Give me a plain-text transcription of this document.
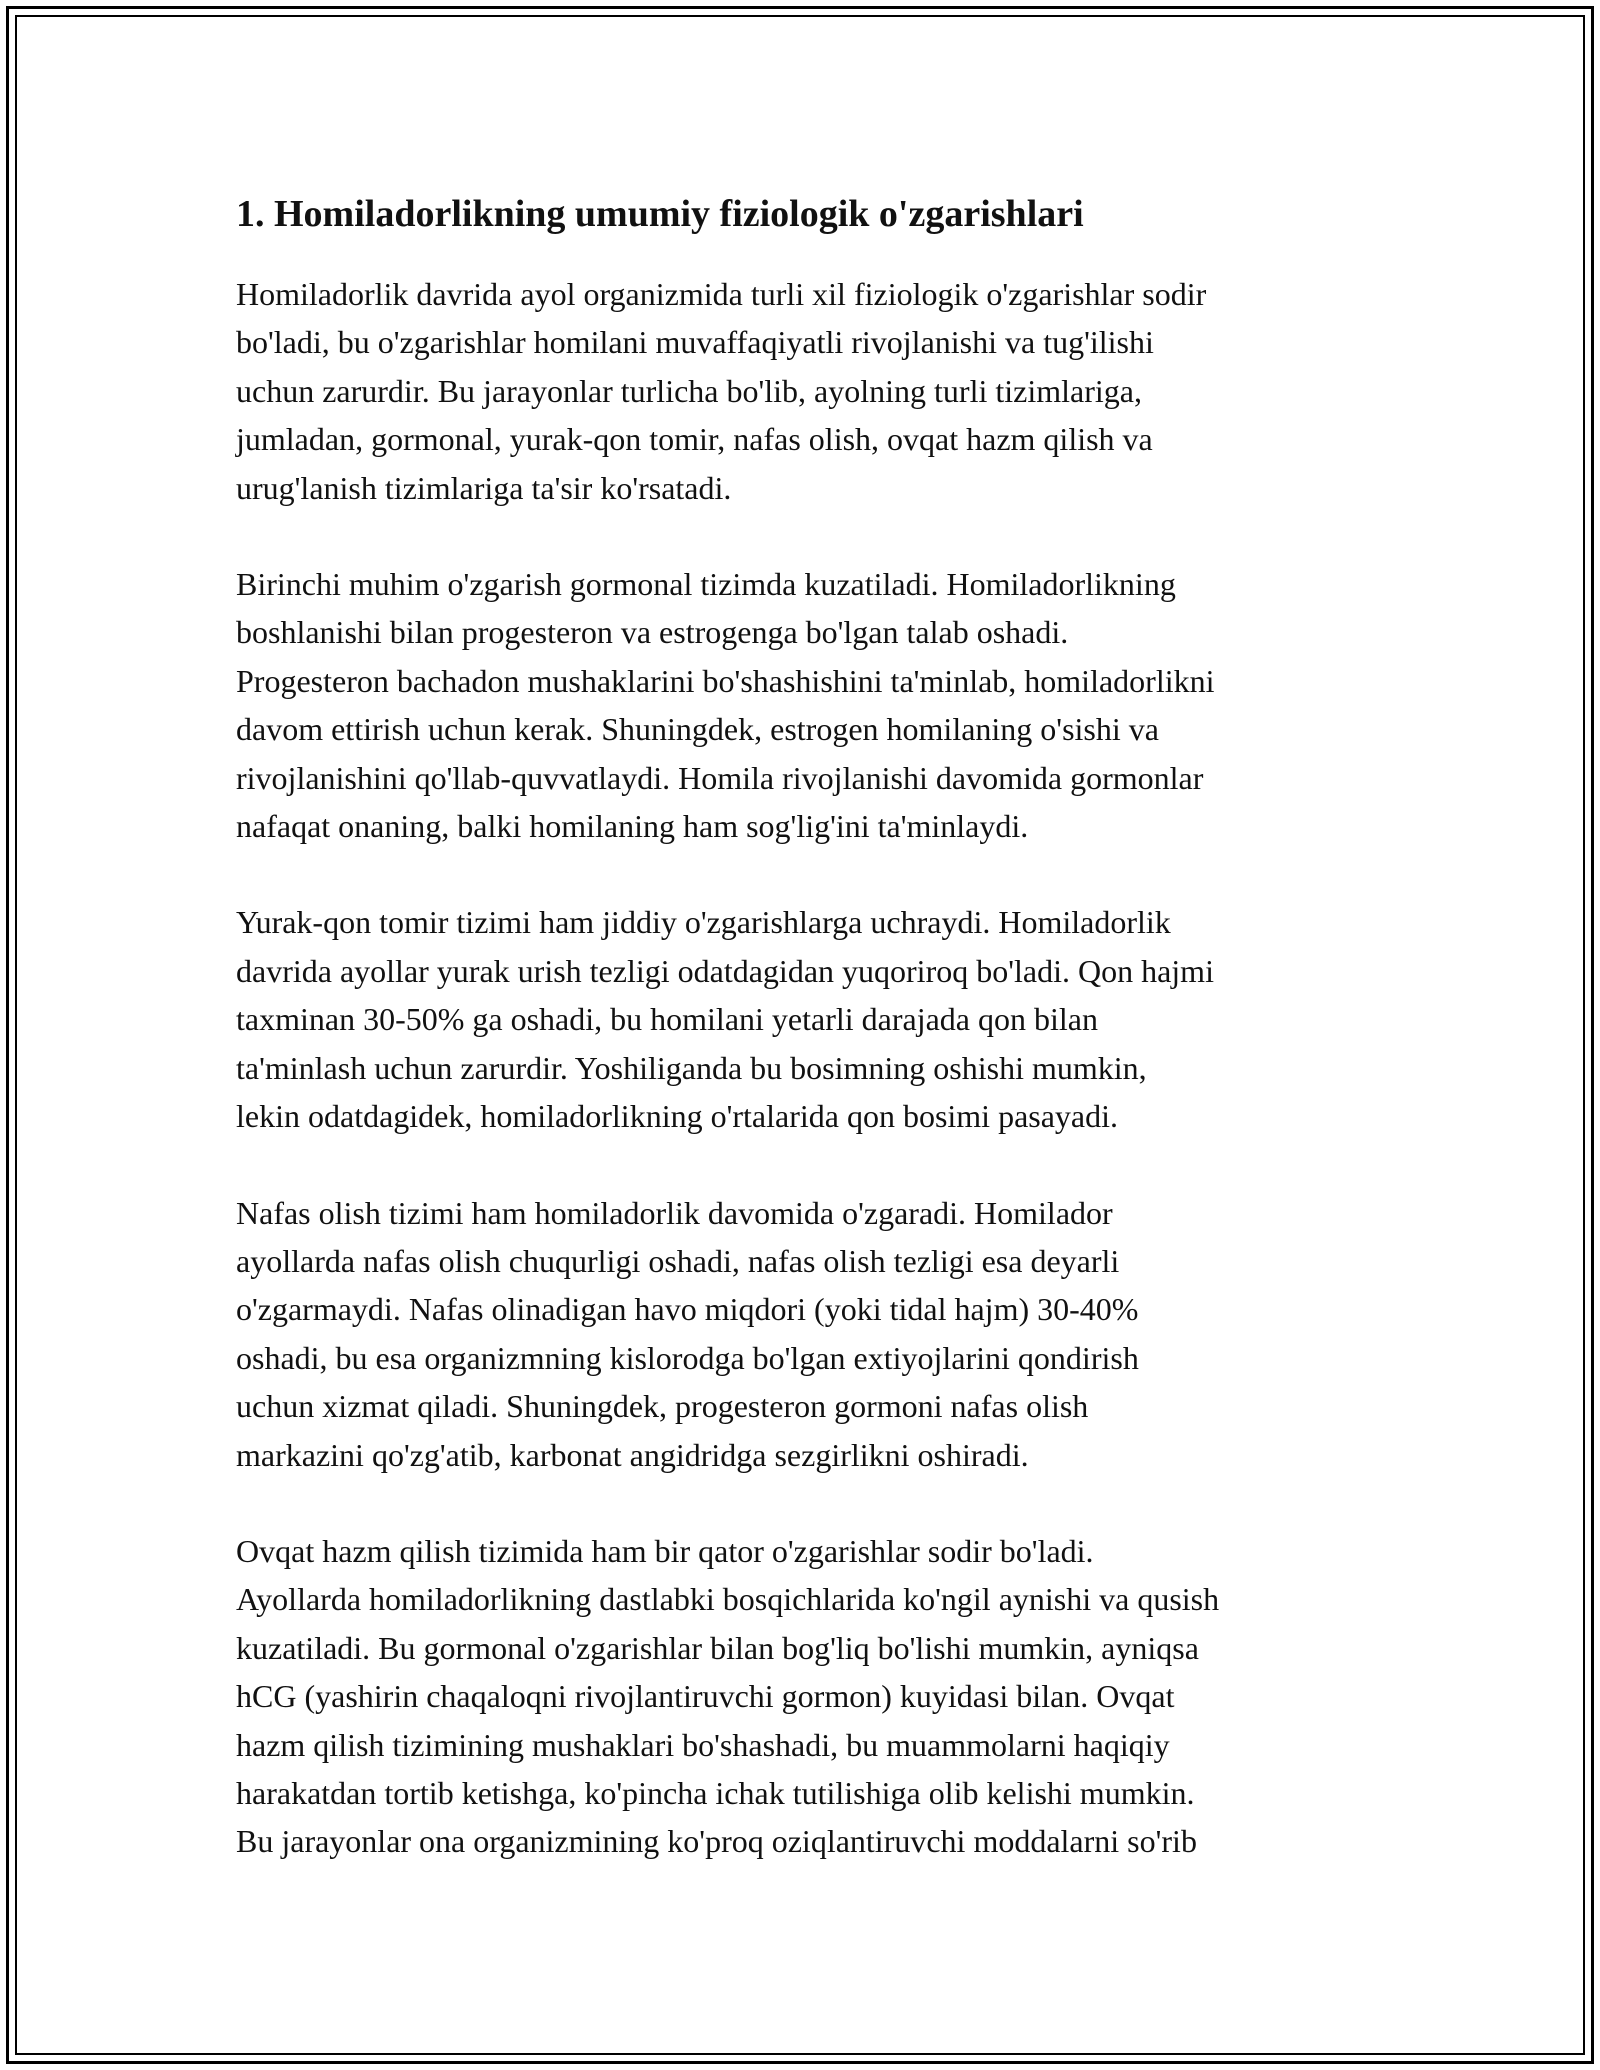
1. Homiladorlikning umumiy fiziologik o'zgarishlari

Homiladorlik davrida ayol organizmida turli xil fiziologik o'zgarishlar sodir
bo'ladi, bu o'zgarishlar homilani muvaffaqiyatli rivojlanishi va tug'ilishi
uchun zarurdir. Bu jarayonlar turlicha bo'lib, ayolning turli tizimlariga,
jumladan, gormonal, yurak-qon tomir, nafas olish, ovqat hazm qilish va
urug'lanish tizimlariga ta'sir ko'rsatadi.

Birinchi muhim o'zgarish gormonal tizimda kuzatiladi. Homiladorlikning
boshlanishi bilan progesteron va estrogenga bo'lgan talab oshadi.
Progesteron bachadon mushaklarini bo'shashishini ta'minlab, homiladorlikni
davom ettirish uchun kerak. Shuningdek, estrogen homilaning o'sishi va
rivojlanishini qo'llab-quvvatlaydi. Homila rivojlanishi davomida gormonlar
nafaqat onaning, balki homilaning ham sog'lig'ini ta'minlaydi.

Yurak-qon tomir tizimi ham jiddiy o'zgarishlarga uchraydi. Homiladorlik
davrida ayollar yurak urish tezligi odatdagidan yuqoriroq bo'ladi. Qon hajmi
taxminan 30-50% ga oshadi, bu homilani yetarli darajada qon bilan
ta'minlash uchun zarurdir. Yoshiliganda bu bosimning oshishi mumkin,
lekin odatdagidek, homiladorlikning o'rtalarida qon bosimi pasayadi.

Nafas olish tizimi ham homiladorlik davomida o'zgaradi. Homilador
ayollarda nafas olish chuqurligi oshadi, nafas olish tezligi esa deyarli
o'zgarmaydi. Nafas olinadigan havo miqdori (yoki tidal hajm) 30-40%
oshadi, bu esa organizmning kislorodga bo'lgan extiyojlarini qondirish
uchun xizmat qiladi. Shuningdek, progesteron gormoni nafas olish
markazini qo'zg'atib, karbonat angidridga sezgirlikni oshiradi.

Ovqat hazm qilish tizimida ham bir qator o'zgarishlar sodir bo'ladi.
Ayollarda homiladorlikning dastlabki bosqichlarida ko'ngil aynishi va qusish
kuzatiladi. Bu gormonal o'zgarishlar bilan bog'liq bo'lishi mumkin, ayniqsa
hCG (yashirin chaqaloqni rivojlantiruvchi gormon) kuyidasi bilan. Ovqat
hazm qilish tizimining mushaklari bo'shashadi, bu muammolarni haqiqiy
harakatdan tortib ketishga, ko'pincha ichak tutilishiga olib kelishi mumkin.
Bu jarayonlar ona organizmining ko'proq oziqlantiruvchi moddalarni so'rib
